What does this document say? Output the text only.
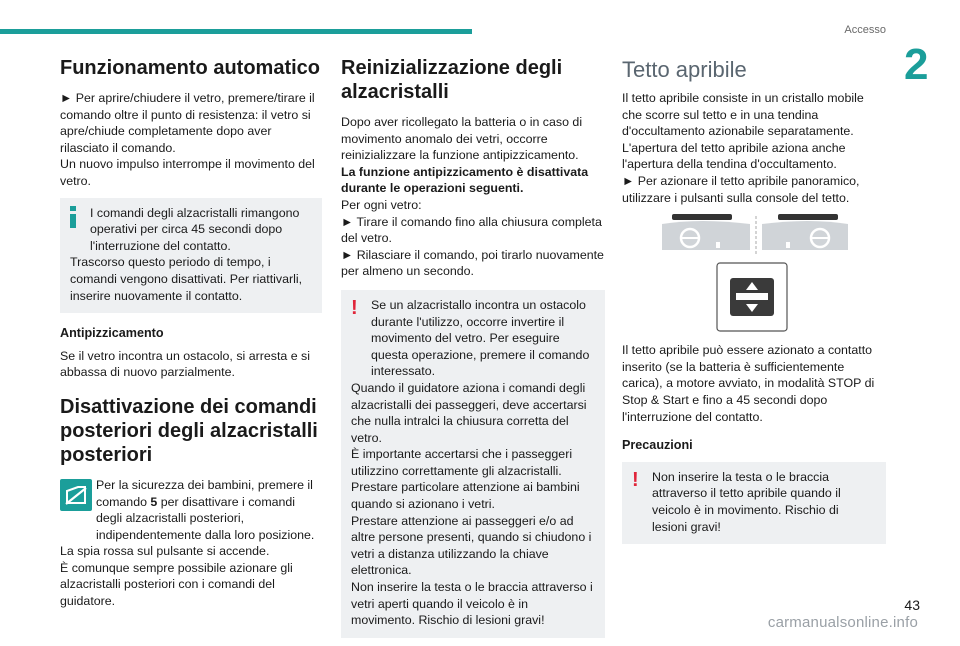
Accesso
2
Funzionamento automatico

► Per aprire/chiudere il vetro, premere/tirare il comando oltre il punto di resistenza: il vetro si apre/chiude completamente dopo aver rilasciato il comando.

Un nuovo impulso interrompe il movimento del vetro.

I comandi degli alzacristalli rimangono operativi per circa 45 secondi dopo l'interruzione del contatto.

Trascorso questo periodo di tempo, i comandi vengono disattivati. Per riattivarli, inserire nuovamente il contatto.

Antipizzicamento

Se il vetro incontra un ostacolo, si arresta e si abbassa di nuovo parzialmente.

Disattivazione dei comandi posteriori degli alzacristalli posteriori

Per la sicurezza dei bambini, premere il comando 5 per disattivare i comandi degli alzacristalli posteriori, indipendentemente dalla loro posizione.

La spia rossa sul pulsante si accende.

È comunque sempre possibile azionare gli alzacristalli posteriori con i comandi del guidatore.

Reinizializzazione degli alzacristalli

Dopo aver ricollegato la batteria o in caso di movimento anomalo dei vetri, occorre reinizializzare la funzione antipizzicamento.

La funzione antipizzicamento è disattivata durante le operazioni seguenti.

Per ogni vetro:

► Tirare il comando fino alla chiusura completa del vetro.

► Rilasciare il comando, poi tirarlo nuovamente per almeno un secondo.

!	Se un alzacristallo incontra un ostacolo durante l'utilizzo, occorre invertire il movimento del vetro. Per eseguire questa operazione, premere il comando interessato.

Quando il guidatore aziona i comandi degli alzacristalli dei passeggeri, deve accertarsi che nulla intralci la chiusura corretta del vetro.

È importante accertarsi che i passeggeri utilizzino correttamente gli alzacristalli.

Prestare particolare attenzione ai bambini quando si azionano i vetri.

Prestare attenzione ai passeggeri e/o ad altre persone presenti, quando si chiudono i vetri a distanza utilizzando la chiave elettronica.

Non inserire la testa o le braccia attraverso i vetri aperti quando il veicolo è in movimento. Rischio di lesioni gravi!

Tetto apribile

Il tetto apribile consiste in un cristallo mobile che scorre sul tetto e in una tendina d'occultamento azionabile separatamente. L'apertura del tetto apribile aziona anche l'apertura della tendina d'occultamento.

► Per azionare il tetto apribile panoramico, utilizzare i pulsanti sulla console del tetto.

Il tetto apribile può essere azionato a contatto inserito (se la batteria è sufficientemente carica), a motore avviato, in modalità STOP di Stop & Start e fino a 45 secondi dopo l'interruzione del contatto.

Precauzioni
!	Non inserire la testa o le braccia attraverso il tetto apribile quando il veicolo è in movimento. Rischio di lesioni gravi!

carmanualsonline.info
43
